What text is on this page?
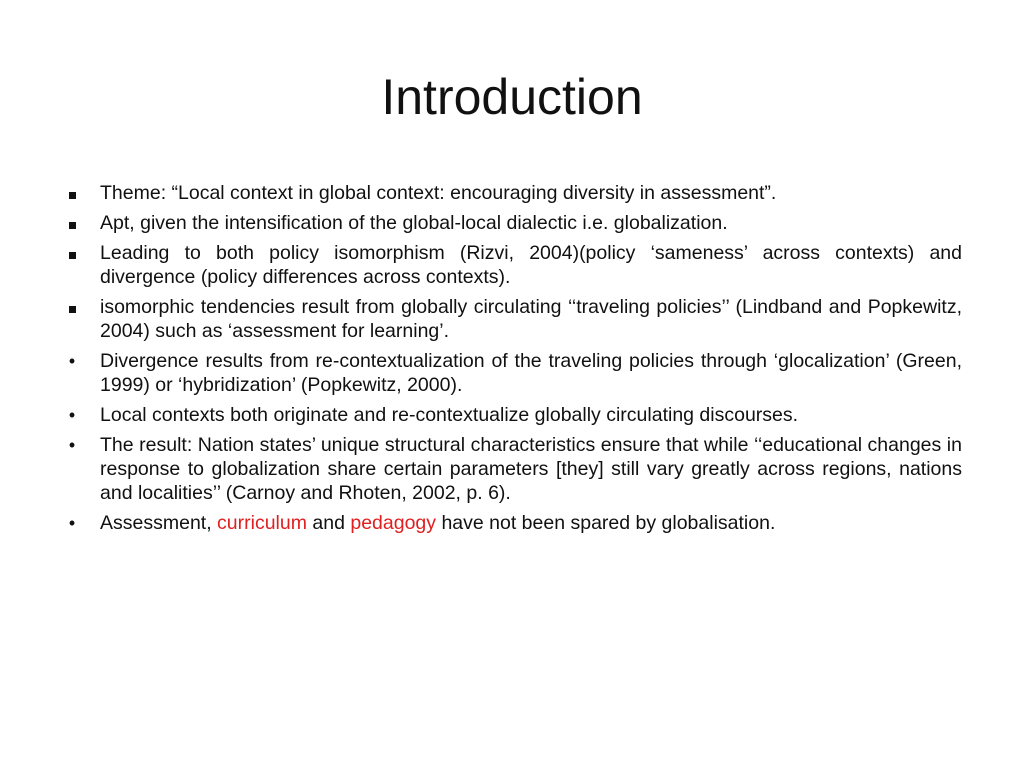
Introduction
Theme: “Local context in global context: encouraging diversity in assessment”.
Apt, given the intensification of the global-local dialectic i.e. globalization.
Leading to both policy isomorphism (Rizvi, 2004)(policy ‘sameness’ across contexts) and divergence (policy differences across contexts).
isomorphic tendencies result from globally circulating ‘‘traveling policies’’ (Lindband and Popkewitz, 2004) such as ‘assessment for learning’.
•
Divergence results from re-contextualization of the traveling policies through ‘glocalization’ (Green, 1999) or ‘hybridization’ (Popkewitz, 2000).
•
Local contexts both originate and re-contextualize globally circulating discourses.
•
The result: Nation states’ unique structural characteristics ensure that while ‘‘educational changes in response to globalization share certain parameters [they] still vary greatly across regions, nations and localities’’ (Carnoy and Rhoten, 2002, p. 6).
•
Assessment, curriculum and pedagogy have not been spared by globalisation.
